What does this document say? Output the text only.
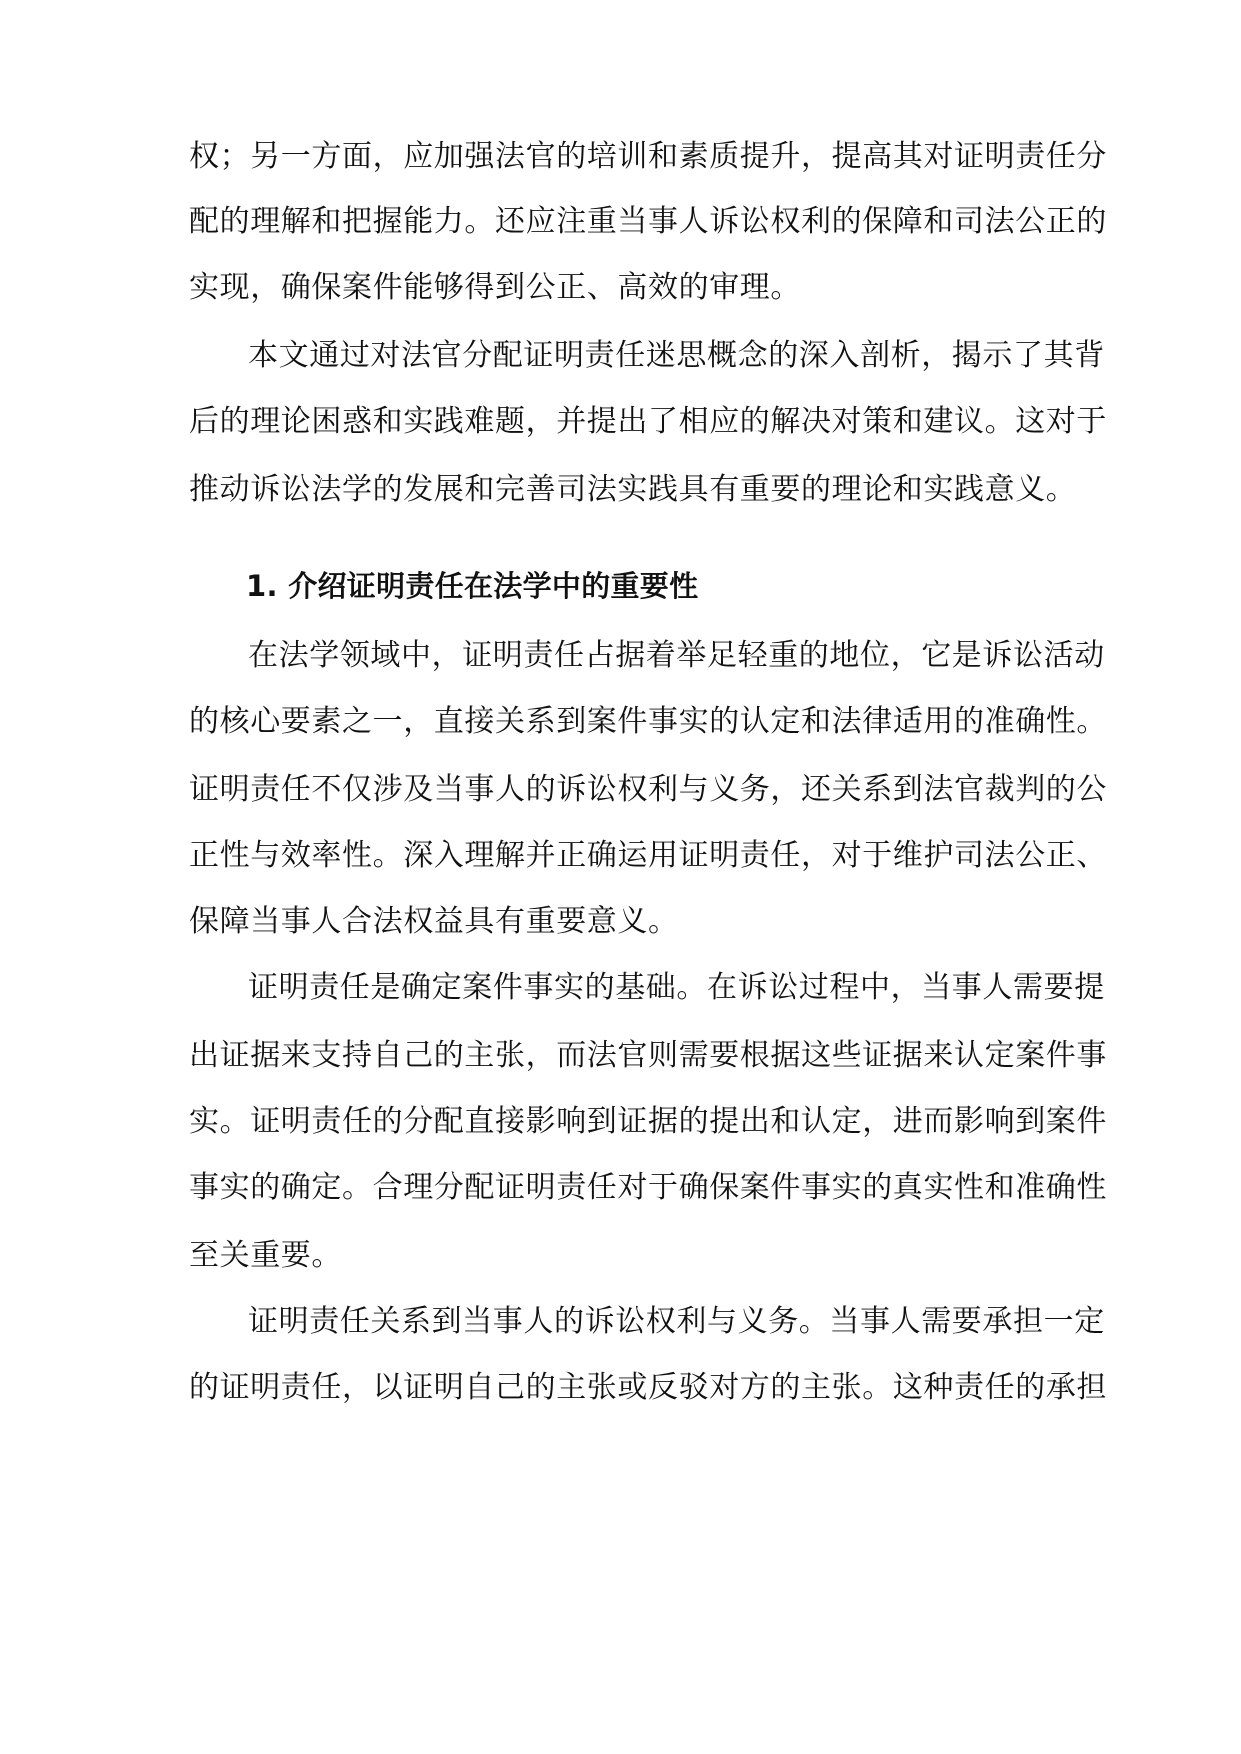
权；另一方面，应加强法官的培训和素质提升，提高其对证明责任分
配的理解和把握能力。还应注重当事人诉讼权利的保障和司法公正的
实现，确保案件能够得到公正、高效的审理。
本文通过对法官分配证明责任迷思概念的深入剖析，揭示了其背
后的理论困惑和实践难题，并提出了相应的解决对策和建议。这对于
推动诉讼法学的发展和完善司法实践具有重要的理论和实践意义。
1. 介绍证明责任在法学中的重要性
在法学领域中，证明责任占据着举足轻重的地位，它是诉讼活动
的核心要素之一，直接关系到案件事实的认定和法律适用的准确性。
证明责任不仅涉及当事人的诉讼权利与义务，还关系到法官裁判的公
正性与效率性。深入理解并正确运用证明责任，对于维护司法公正、
保障当事人合法权益具有重要意义。
证明责任是确定案件事实的基础。在诉讼过程中，当事人需要提
出证据来支持自己的主张，而法官则需要根据这些证据来认定案件事
实。证明责任的分配直接影响到证据的提出和认定，进而影响到案件
事实的确定。合理分配证明责任对于确保案件事实的真实性和准确性
至关重要。
证明责任关系到当事人的诉讼权利与义务。当事人需要承担一定
的证明责任，以证明自己的主张或反驳对方的主张。这种责任的承担
